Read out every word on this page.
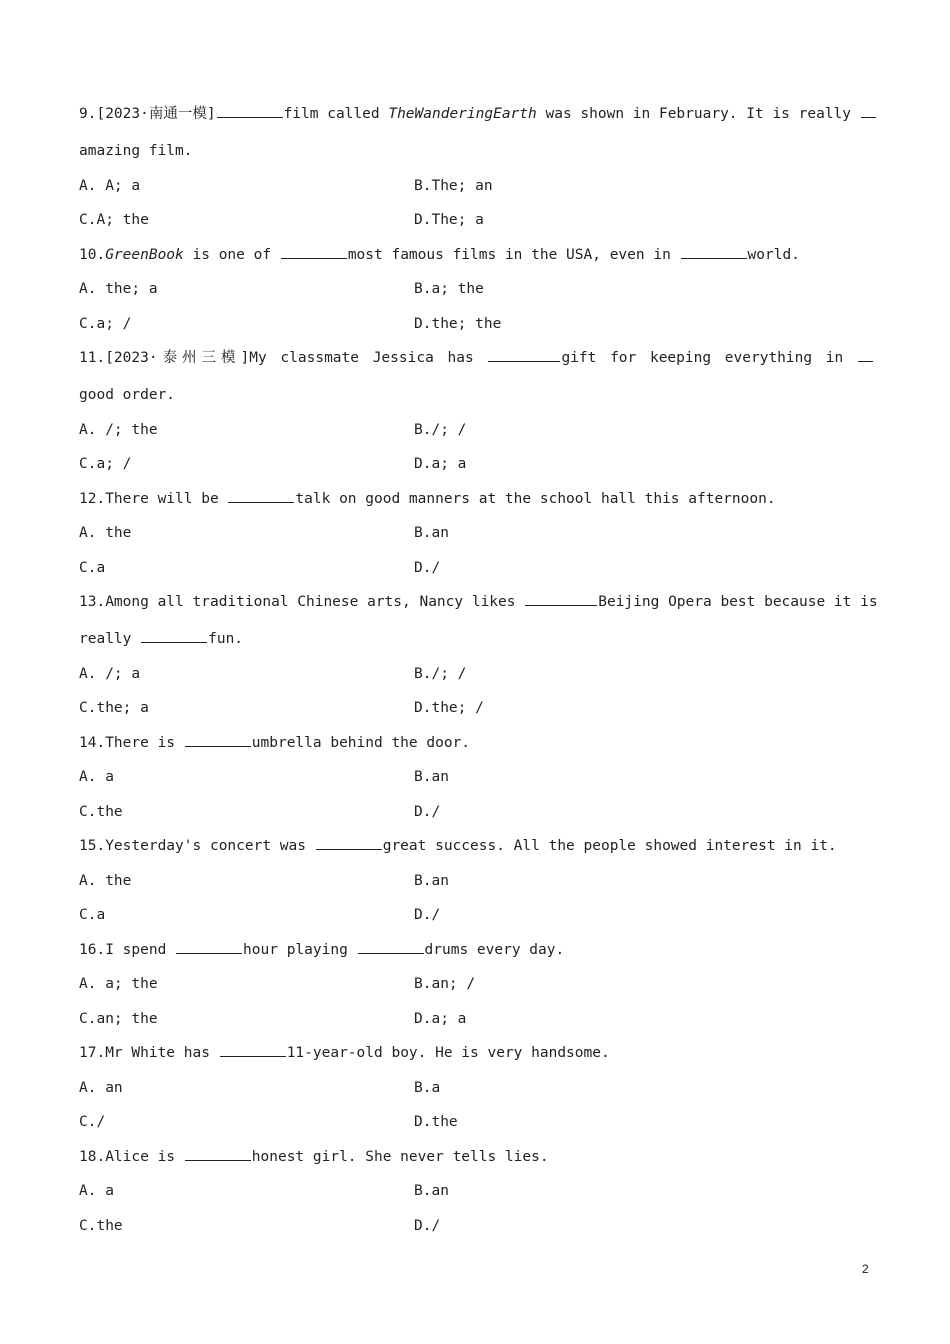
9.[2023·南通一模]	film called TheWanderingEarth was shown in February. It is really
amazing film.
A. A; a	B.The; an
C.A; the	D.The; a
10.GreenBook is one of	most famous films in the USA, even in	world.
A. the; a	B.a; the
C.a; /	D.the; the
11.[2023·泰州三模]My classmate Jessica has	gift for keeping everything in
good order.
A. /; the	B./; /
C.a; /	D.a; a
12.There will be	talk on good manners at the school hall this afternoon.
A. the	B.an
C.a	D./
13.Among all traditional Chinese arts, Nancy likes	Beijing Opera best because it is
really	fun.
A. /; a	B./; /
C.the; a	D.the; /
14.There is	umbrella behind the door.
A. a	B.an
C.the	D./
15.Yesterday's concert was	great success. All the people showed interest in it.
A. the	B.an
C.a	D./
16.I spend	hour playing	drums every day.
A. a; the	B.an; /
C.an; the	D.a; a
17.Mr White has	11-year-old boy. He is very handsome.
A. an	B.a
C./	D.the
18.Alice is	honest girl. She never tells lies.
A. a	B.an
C.the	D./
2
